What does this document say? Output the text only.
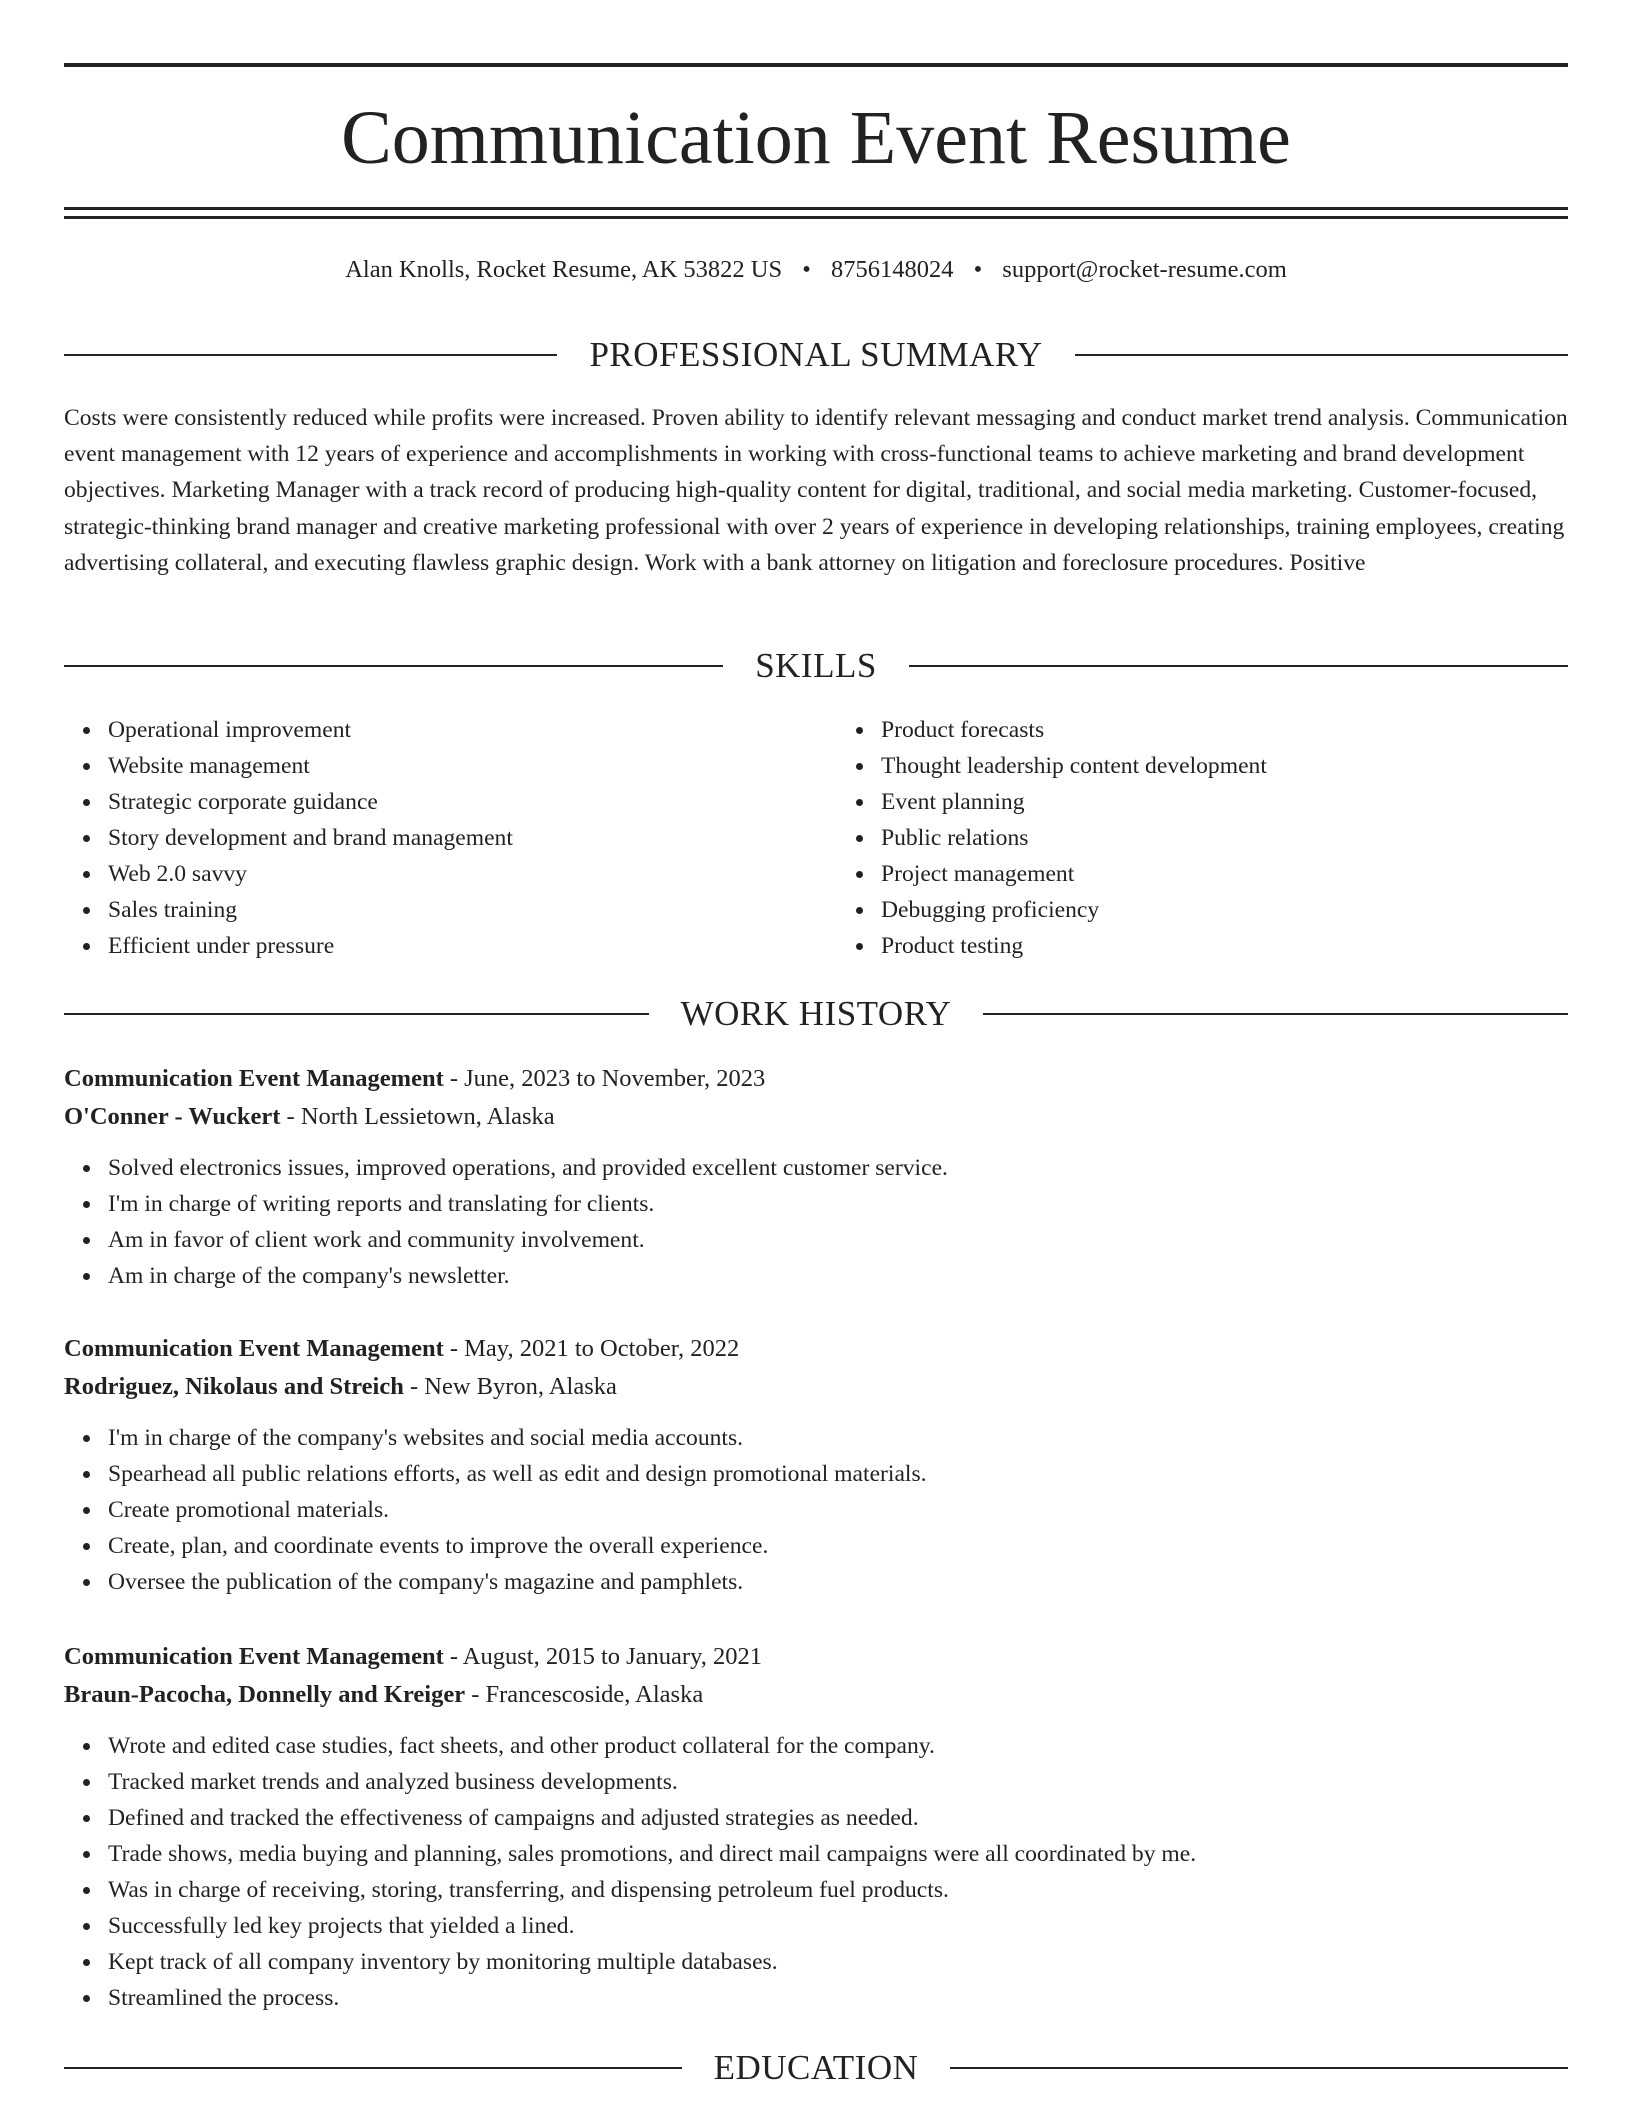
Communication Event Resume
Alan Knolls, Rocket Resume, AK 53822 US • 8756148024 • support@rocket-resume.com
PROFESSIONAL SUMMARY
Costs were consistently reduced while profits were increased. Proven ability to identify relevant messaging and conduct market trend analysis. Communication event management with 12 years of experience and accomplishments in working with cross-functional teams to achieve marketing and brand development objectives. Marketing Manager with a track record of producing high-quality content for digital, traditional, and social media marketing. Customer-focused, strategic-thinking brand manager and creative marketing professional with over 2 years of experience in developing relationships, training employees, creating advertising collateral, and executing flawless graphic design. Work with a bank attorney on litigation and foreclosure procedures. Positive
SKILLS
Operational improvement
Website management
Strategic corporate guidance
Story development and brand management
Web 2.0 savvy
Sales training
Efficient under pressure
Product forecasts
Thought leadership content development
Event planning
Public relations
Project management
Debugging proficiency
Product testing
WORK HISTORY
Communication Event Management - June, 2023 to November, 2023
O'Conner - Wuckert - North Lessietown, Alaska
Solved electronics issues, improved operations, and provided excellent customer service.
I'm in charge of writing reports and translating for clients.
Am in favor of client work and community involvement.
Am in charge of the company's newsletter.
Communication Event Management - May, 2021 to October, 2022
Rodriguez, Nikolaus and Streich - New Byron, Alaska
I'm in charge of the company's websites and social media accounts.
Spearhead all public relations efforts, as well as edit and design promotional materials.
Create promotional materials.
Create, plan, and coordinate events to improve the overall experience.
Oversee the publication of the company's magazine and pamphlets.
Communication Event Management - August, 2015 to January, 2021
Braun-Pacocha, Donnelly and Kreiger - Francescoside, Alaska
Wrote and edited case studies, fact sheets, and other product collateral for the company.
Tracked market trends and analyzed business developments.
Defined and tracked the effectiveness of campaigns and adjusted strategies as needed.
Trade shows, media buying and planning, sales promotions, and direct mail campaigns were all coordinated by me.
Was in charge of receiving, storing, transferring, and dispensing petroleum fuel products.
Successfully led key projects that yielded a lined.
Kept track of all company inventory by monitoring multiple databases.
Streamlined the process.
EDUCATION
